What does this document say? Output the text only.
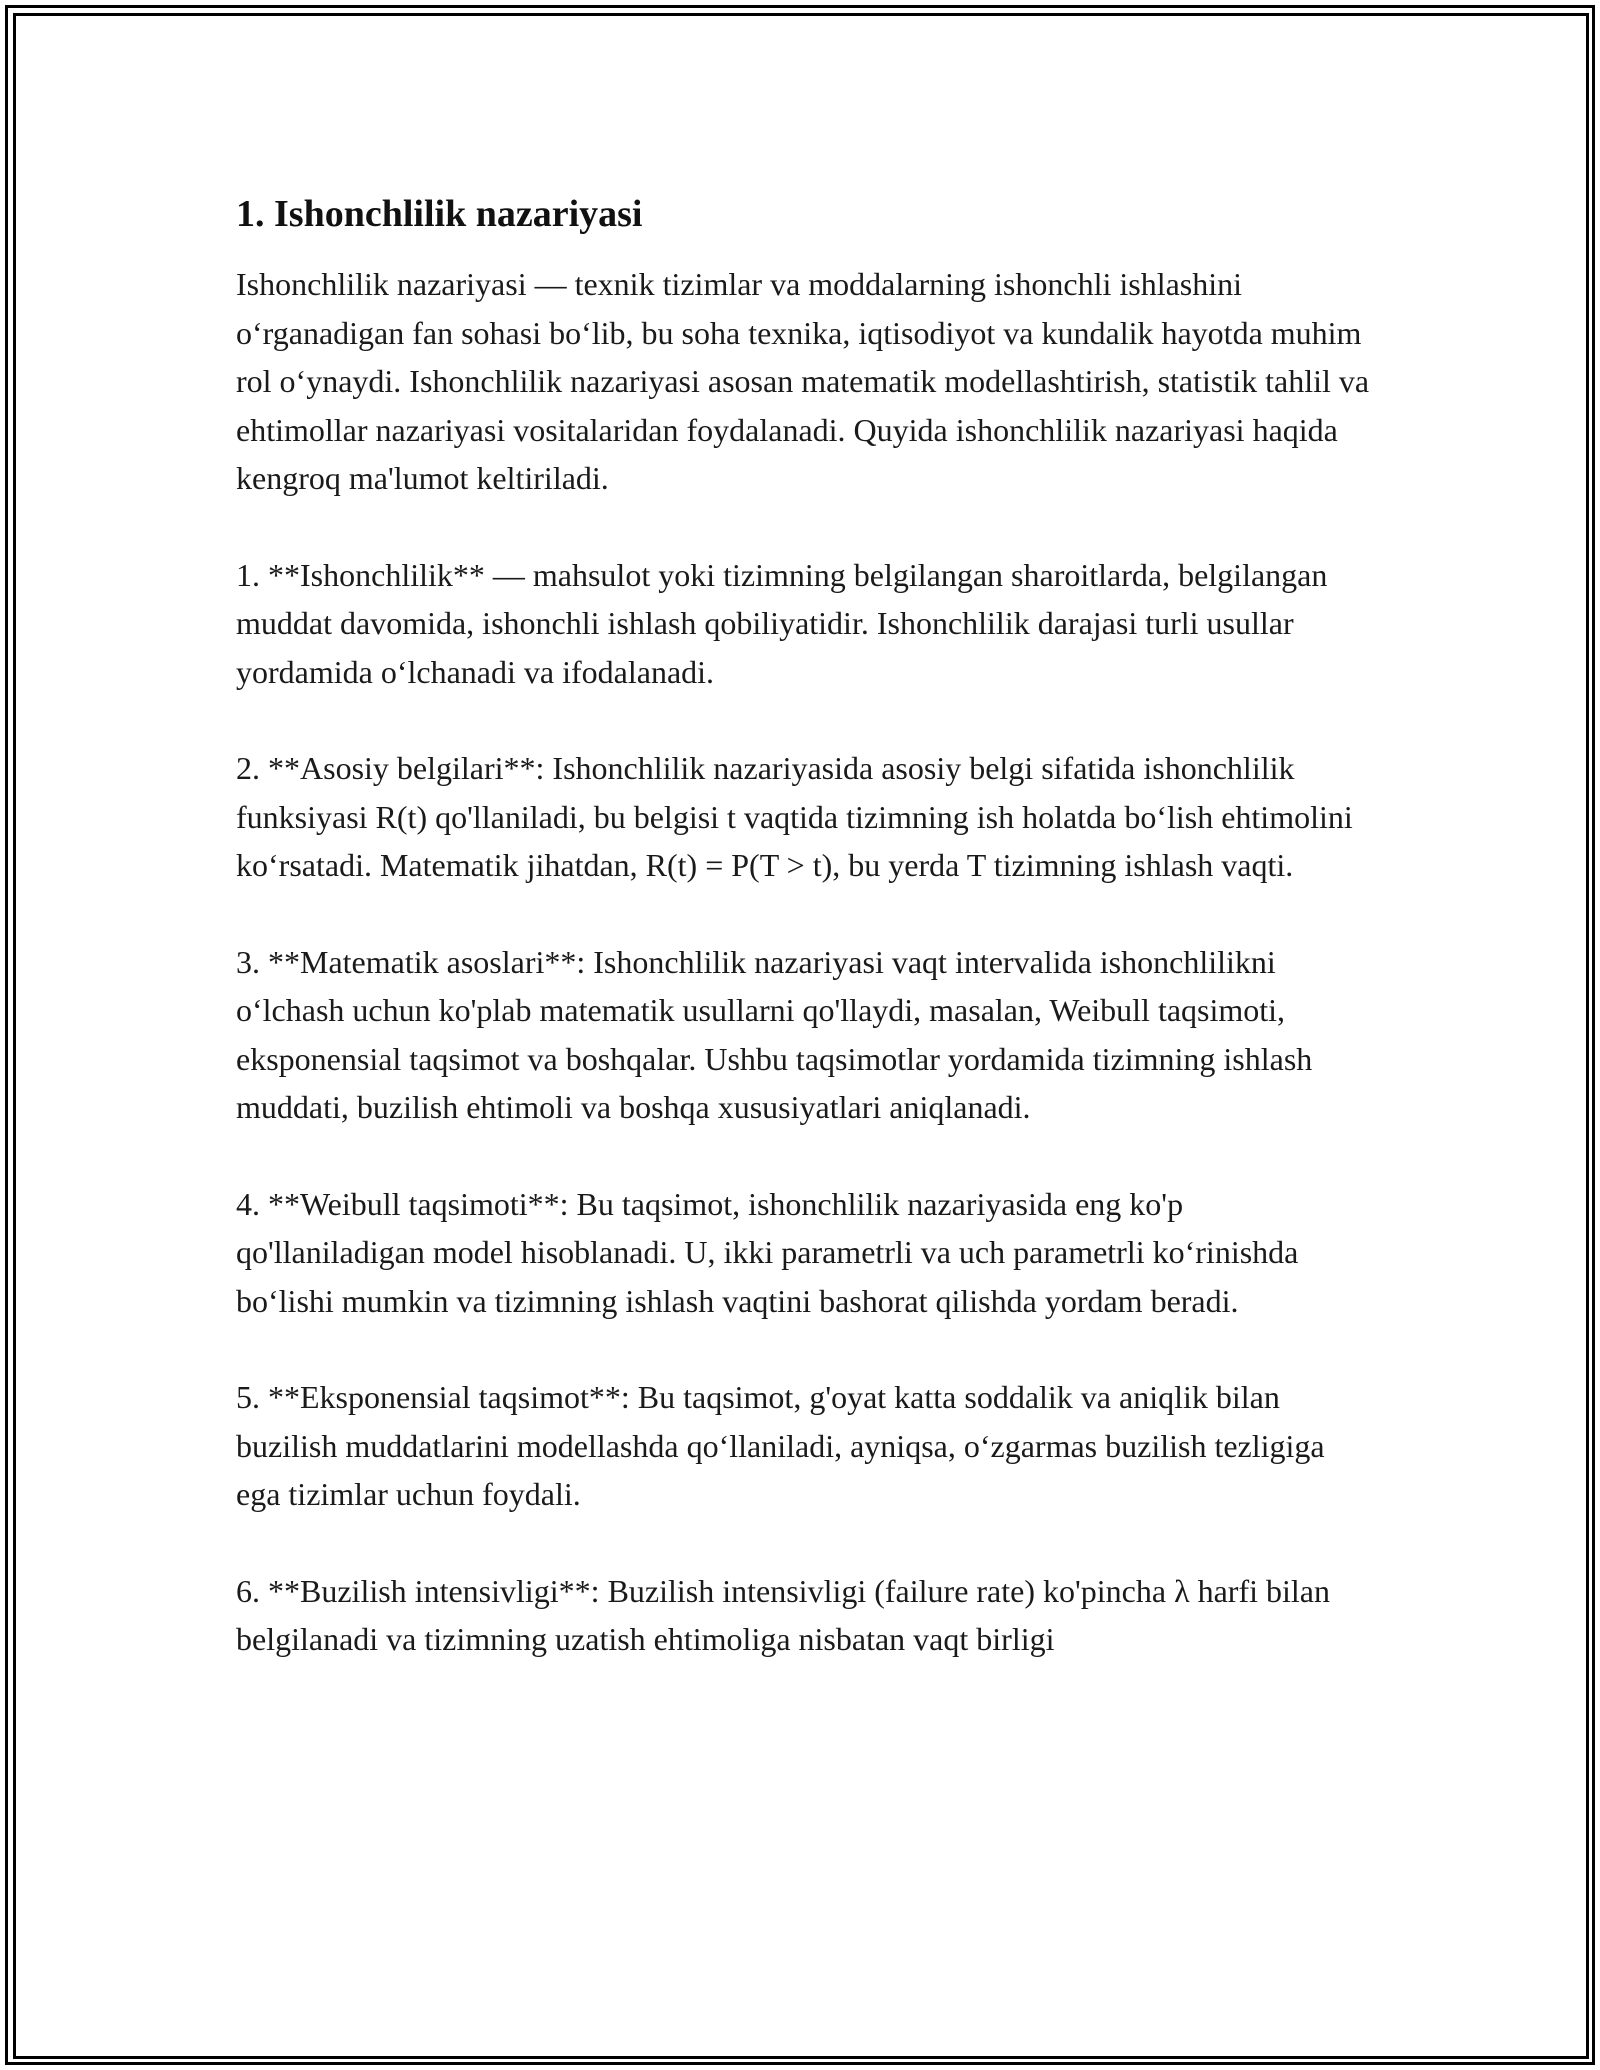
1. Ishonchlilik nazariyasi

Ishonchlilik nazariyasi — texnik tizimlar va moddalarning ishonchli ishlashini o‘rganadigan fan sohasi bo‘lib, bu soha texnika, iqtisodiyot va kundalik hayotda muhim rol o‘ynaydi. Ishonchlilik nazariyasi asosan matematik modellashtirish, statistik tahlil va ehtimollar nazariyasi vositalaridan foydalanadi. Quyida ishonchlilik nazariyasi haqida kengroq ma'lumot keltiriladi.

1. **Ishonchlilik** — mahsulot yoki tizimning belgilangan sharoitlarda, belgilangan muddat davomida, ishonchli ishlash qobiliyatidir. Ishonchlilik darajasi turli usullar yordamida o‘lchanadi va ifodalanadi.

2. **Asosiy belgilari**: Ishonchlilik nazariyasida asosiy belgi sifatida ishonchlilik funksiyasi R(t) qo'llaniladi, bu belgisi t vaqtida tizimning ish holatda bo‘lish ehtimolini ko‘rsatadi. Matematik jihatdan, R(t) = P(T > t), bu yerda T tizimning ishlash vaqti.

3. **Matematik asoslari**: Ishonchlilik nazariyasi vaqt intervalida ishonchlilikni o‘lchash uchun ko'plab matematik usullarni qo'llaydi, masalan, Weibull taqsimoti, eksponensial taqsimot va boshqalar. Ushbu taqsimotlar yordamida tizimning ishlash muddati, buzilish ehtimoli va boshqa xususiyatlari aniqlanadi.

4. **Weibull taqsimoti**: Bu taqsimot, ishonchlilik nazariyasida eng ko'p qo'llaniladigan model hisoblanadi. U, ikki parametrli va uch parametrli ko‘rinishda bo‘lishi mumkin va tizimning ishlash vaqtini bashorat qilishda yordam beradi.

5. **Eksponensial taqsimot**: Bu taqsimot, g'oyat katta soddalik va aniqlik bilan buzilish muddatlarini modellashda qo‘llaniladi, ayniqsa, o‘zgarmas buzilish tezligiga ega tizimlar uchun foydali.

6. **Buzilish intensivligi**: Buzilish intensivligi (failure rate) ko'pincha λ harfi bilan belgilanadi va tizimning uzatish ehtimoliga nisbatan vaqt birligi
